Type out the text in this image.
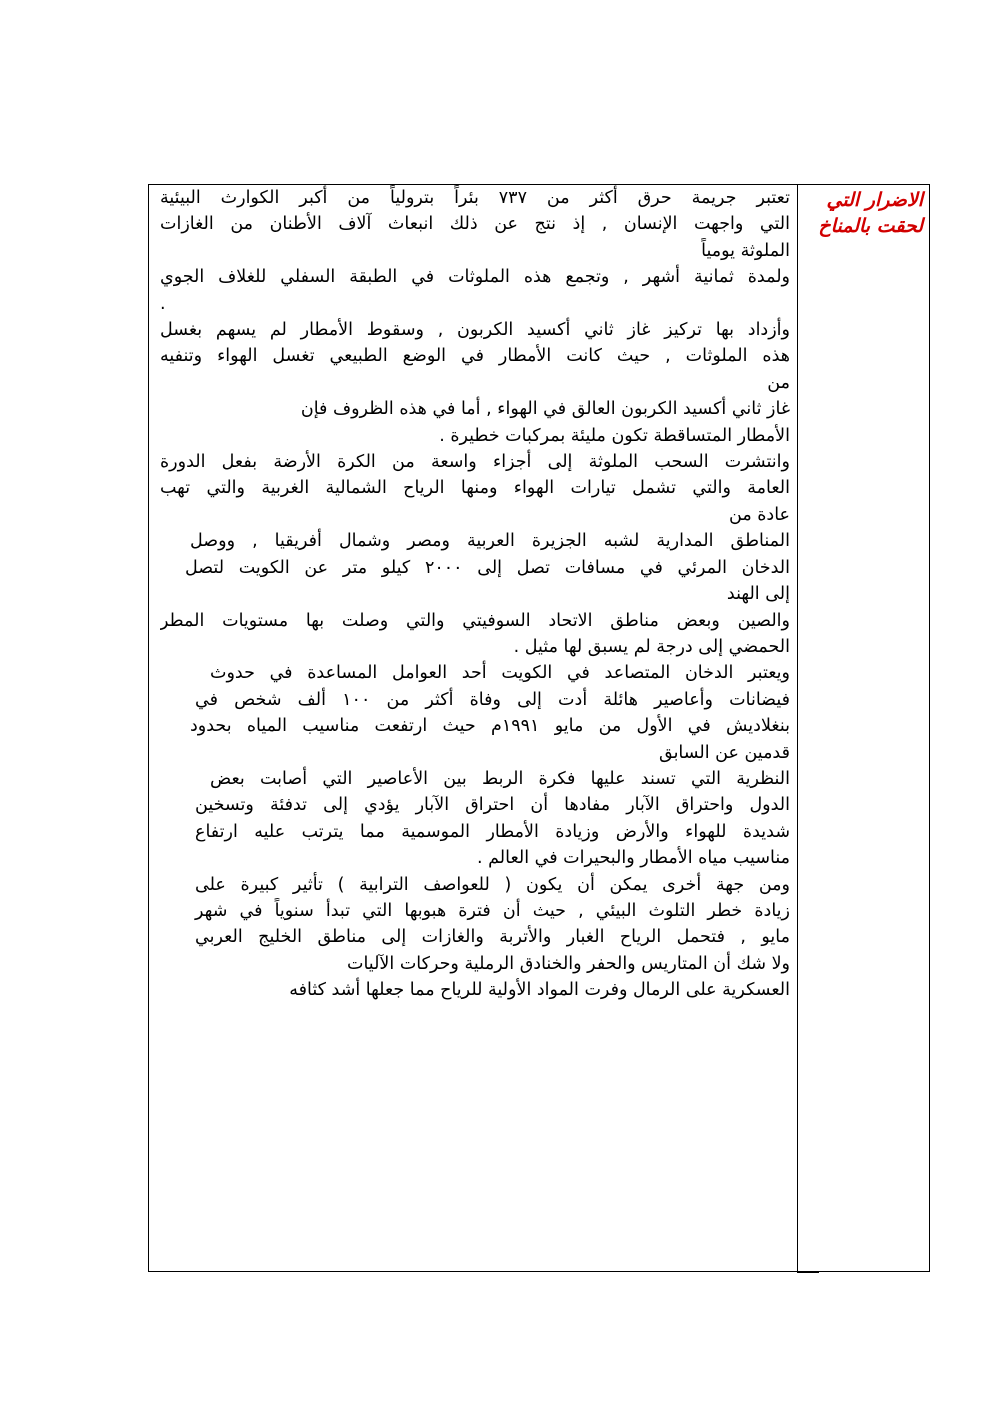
الاضرار التي
لحقت بالمناخ
تعتبر جريمة حرق أكثر من ٧٣٧ بئراً بترولياً من أكبر الكوارث البيئية
التي واجهت الإنسان , إذ نتج عن ذلك انبعاث آلاف الأطنان من الغازات
الملوثة يومياً
ولمدة ثمانية أشهر , وتجمع هذه الملوثات في الطبقة السفلي للغلاف الجوي
.
وأزداد بها تركيز غاز ثاني أكسيد الكربون , وسقوط الأمطار لم يسهم بغسل
هذه الملوثات , حيث كانت الأمطار في الوضع الطبيعي تغسل الهواء وتنفيه
من
غاز ثاني أكسيد الكربون العالق في الهواء , أما في هذه الظروف فإن
الأمطار المتساقطة تكون مليئة بمركبات خطيرة .
وانتشرت السحب الملوثة إلى أجزاء واسعة من الكرة الأرضة بفعل الدورة
العامة والتي تشمل تيارات الهواء ومنها الرياح الشمالية الغربية والتي تهب
عادة من
المناطق المدارية لشبه الجزيرة العربية ومصر وشمال أفريقيا , ووصل
الدخان المرئي في مسافات تصل إلى ٢٠٠٠ كيلو متر عن الكويت لتصل
إلى الهند
والصين وبعض مناطق الاتحاد السوفيتي والتي وصلت بها مستويات المطر
الحمضي إلى درجة لم يسبق لها مثيل .
ويعتبر الدخان المتصاعد في الكويت أحد العوامل المساعدة في حدوث
فيضانات وأعاصير هائلة أدت إلى وفاة أكثر من ١٠٠ ألف شخص في
بنغلاديش في الأول من مايو ١٩٩١م حيث ارتفعت مناسيب المياه بحدود
قدمين عن السابق
النظرية التي تسند عليها فكرة الربط بين الأعاصير التي أصابت بعض
الدول واحتراق الآبار مفادها أن احتراق الآبار يؤدي إلى تدفئة وتسخين
شديدة للهواء والأرض وزيادة الأمطار الموسمية مما يترتب عليه ارتفاع
مناسيب مياه الأمطار والبحيرات في العالم .
ومن جهة أخرى يمكن أن يكون ( للعواصف الترابية ) تأثير كبيرة على
زيادة خطر التلوث البيئي , حيث أن فترة هبوبها التي تبدأ سنوياً في شهر
مايو , فتحمل الرياح الغبار والأتربة والغازات إلى مناطق الخليج العربي
ولا شك أن المتاريس والحفر والخنادق الرملية وحركات الآليات
العسكرية على الرمال وفرت المواد الأولية للرياح مما جعلها أشد كثافه
